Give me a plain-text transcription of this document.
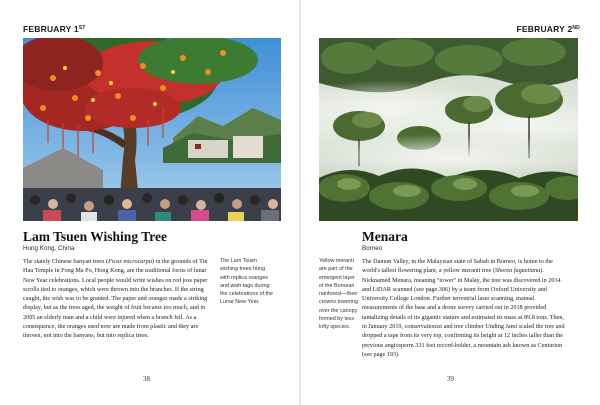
FEBRUARY 1ST
Lam Tsuen Wishing Tree
Hong Kong, China

The stately Chinese banyan trees (Ficus microcarpa) in the grounds of Tin Hau Temple in Fong Ma Po, Hong Kong, are the traditional focus of lunar New Year celebrations. Local people would write wishes on red joss paper scrolls tied to oranges, which were thrown into the branches. If the string caught, the wish was to be granted. The paper and oranges made a striking display, but as the trees aged, the weight of fruit became too much, and in 2005 an elderly man and a child were injured when a branch fell. As a consequence, the oranges used now are made from plastic and they are thrown, not into the banyans, but into replica trees.

The Lam Tsuen wishing trees hung with replica oranges and wish tags during the celebrations of the Lunar New Year.
38
FEBRUARY 2ND
Menara
Borneo
Yellow meranti are part of the emergent layer of the Bornean rainforest—their crowns towering over the canopy formed by less lofty species.

The Danum Valley, in the Malaysian state of Sabah in Borneo, is home to the world's tallest flowering plant, a yellow meranti tree (Shorea faguetiana). Nicknamed Menara, meaning "tower" in Malay, the tree was discovered in 2014 and LiDAR scanned (see page 306) by a team from Oxford University and University College London. Further terrestrial laser scanning, manual measurements of the base and a drone survey carried out in 2018 provided tantalizing details of its gigantic stature and estimated its mass at 89.8 tons. Then, in January 2019, conservationist and tree climber Unding Jami scaled the tree and dropped a tape from its very top, confirming its height at 12 inches taller than the previous angiosperm 331 feet record-holder, a mountain ash known as Centurion (see page 193).

39
